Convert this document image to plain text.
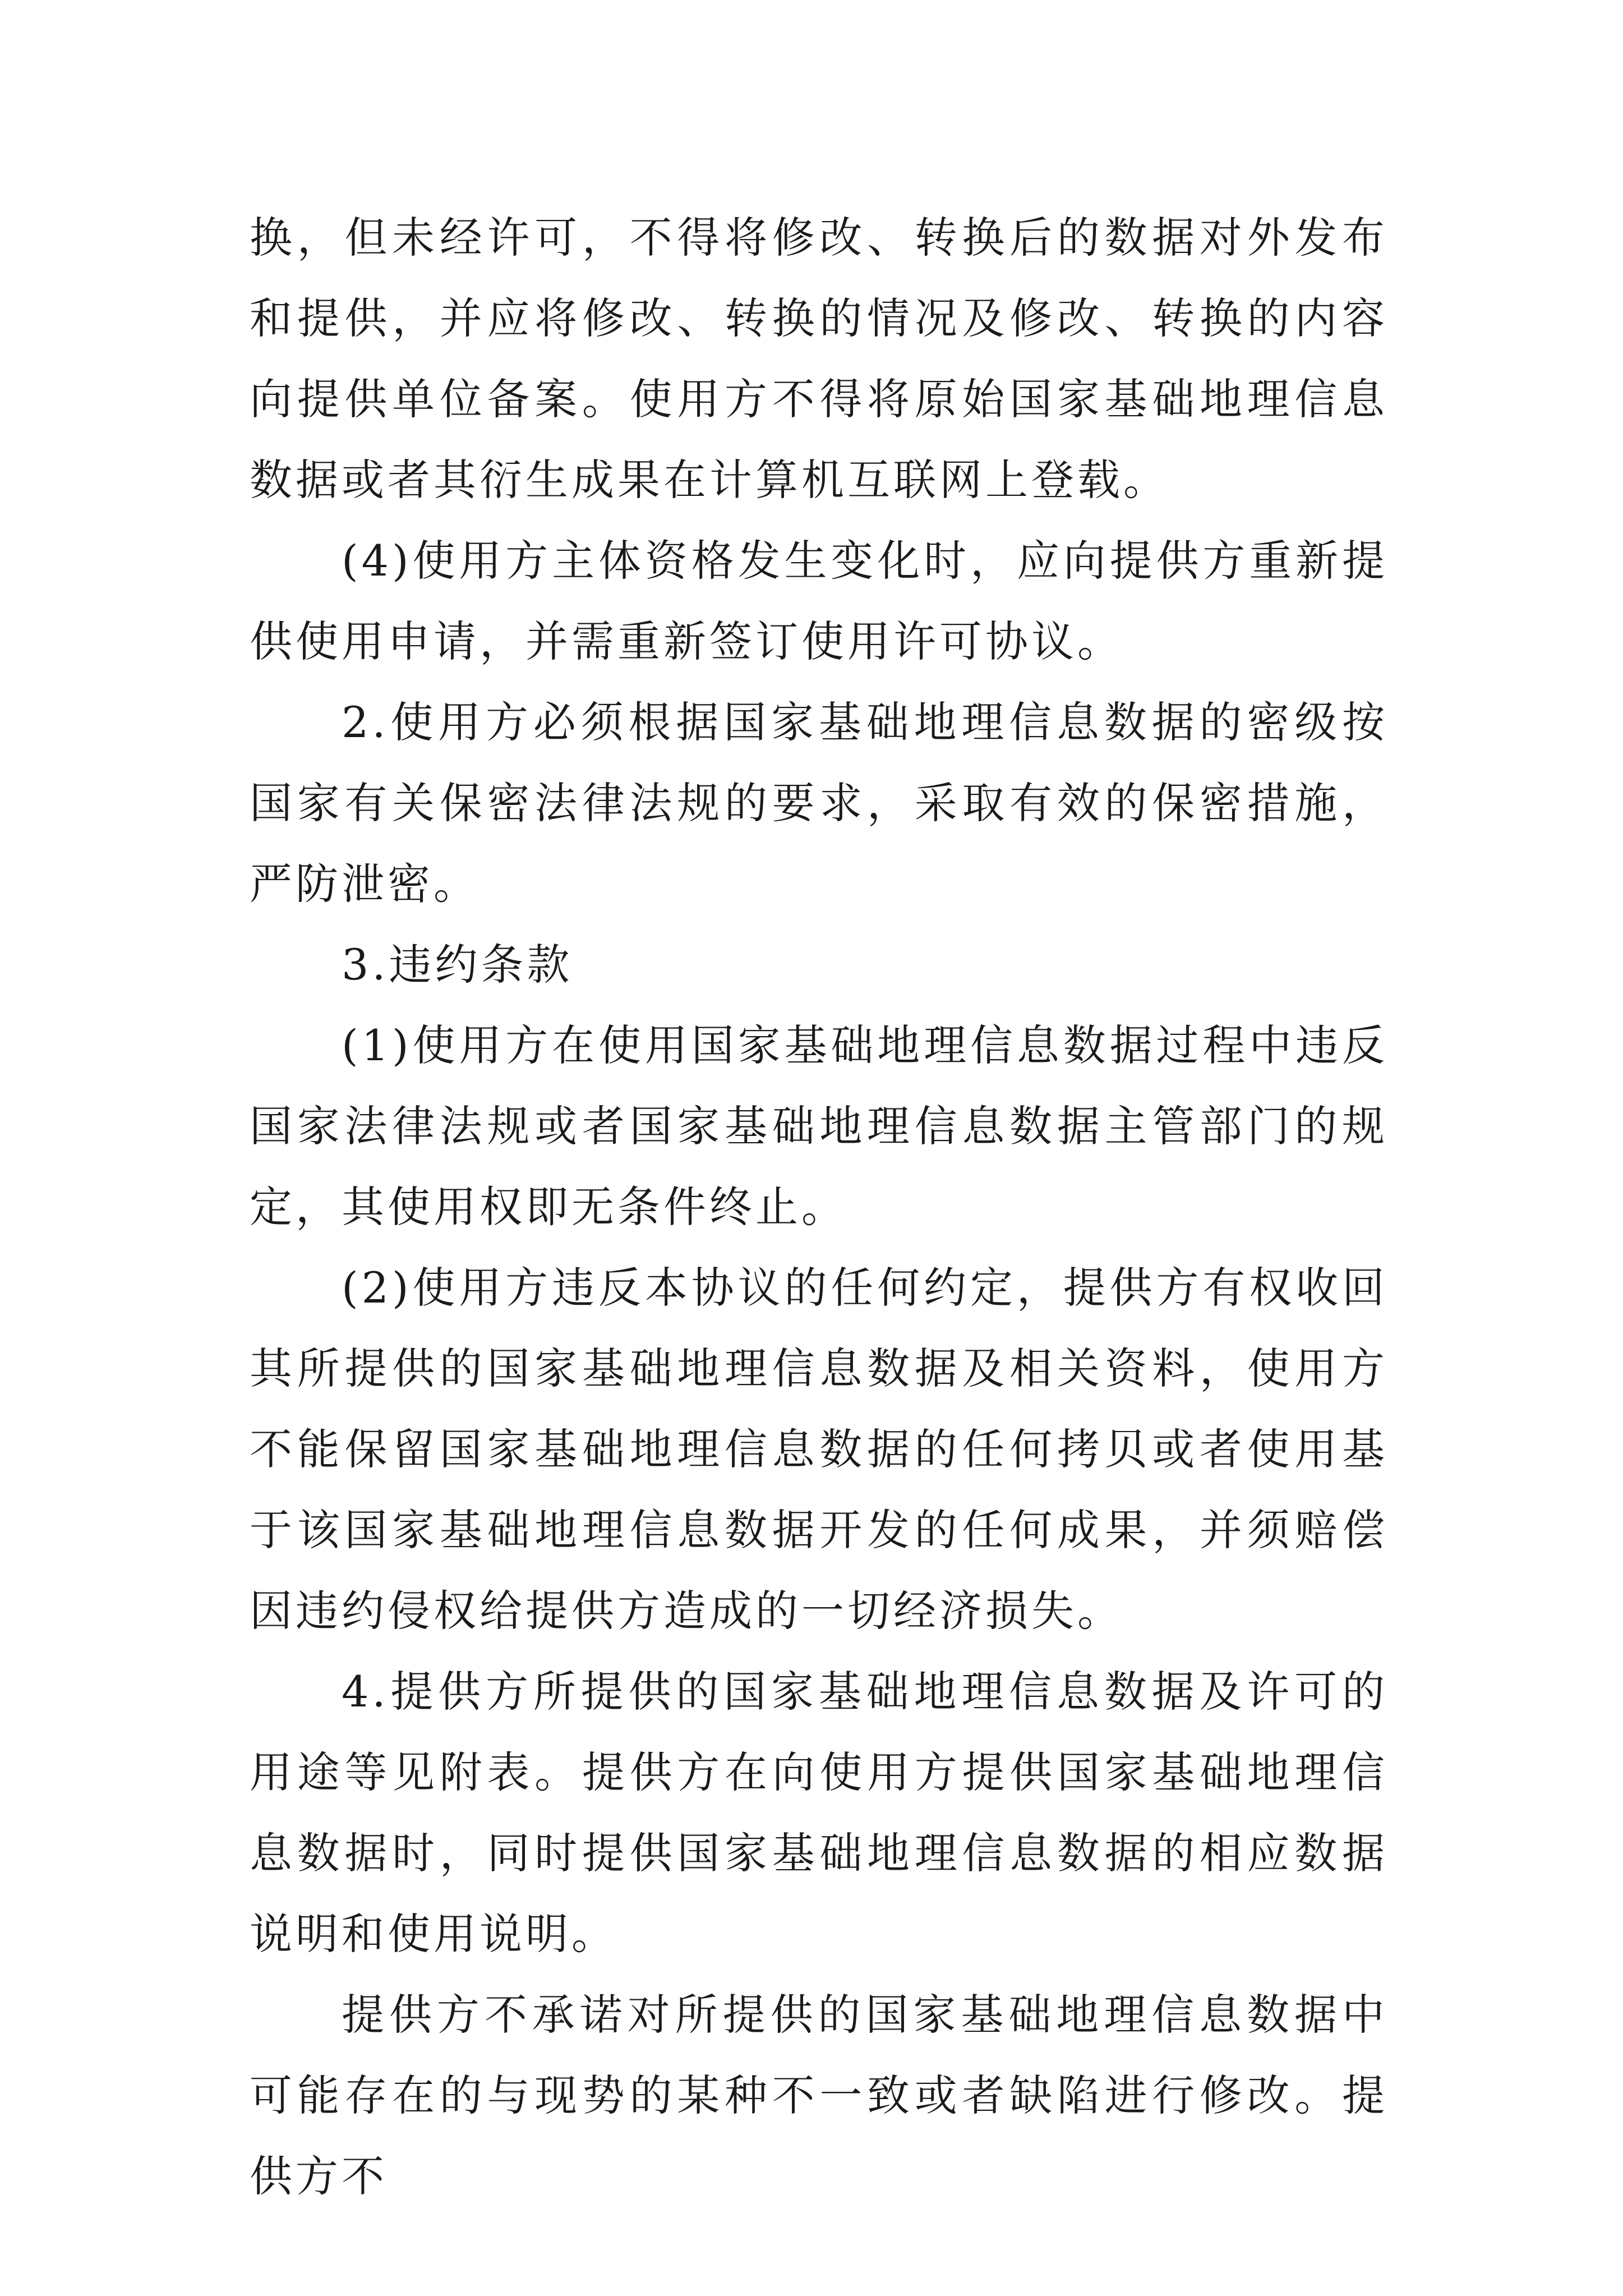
换，但未经许可，不得将修改、转换后的数据对外发布和提供，并应将修改、转换的情况及修改、转换的内容向提供单位备案。使用方不得将原始国家基础地理信息数据或者其衍生成果在计算机互联网上登载。

(4)使用方主体资格发生变化时，应向提供方重新提供使用申请，并需重新签订使用许可协议。

2.使用方必须根据国家基础地理信息数据的密级按国家有关保密法律法规的要求，采取有效的保密措施，严防泄密。

3.违约条款

(1)使用方在使用国家基础地理信息数据过程中违反国家法律法规或者国家基础地理信息数据主管部门的规定，其使用权即无条件终止。

(2)使用方违反本协议的任何约定，提供方有权收回其所提供的国家基础地理信息数据及相关资料，使用方不能保留国家基础地理信息数据的任何拷贝或者使用基于该国家基础地理信息数据开发的任何成果，并须赔偿因违约侵权给提供方造成的一切经济损失。

4.提供方所提供的国家基础地理信息数据及许可的用途等见附表。提供方在向使用方提供国家基础地理信息数据时，同时提供国家基础地理信息数据的相应数据说明和使用说明。

提供方不承诺对所提供的国家基础地理信息数据中可能存在的与现势的某种不一致或者缺陷进行修改。提供方不
